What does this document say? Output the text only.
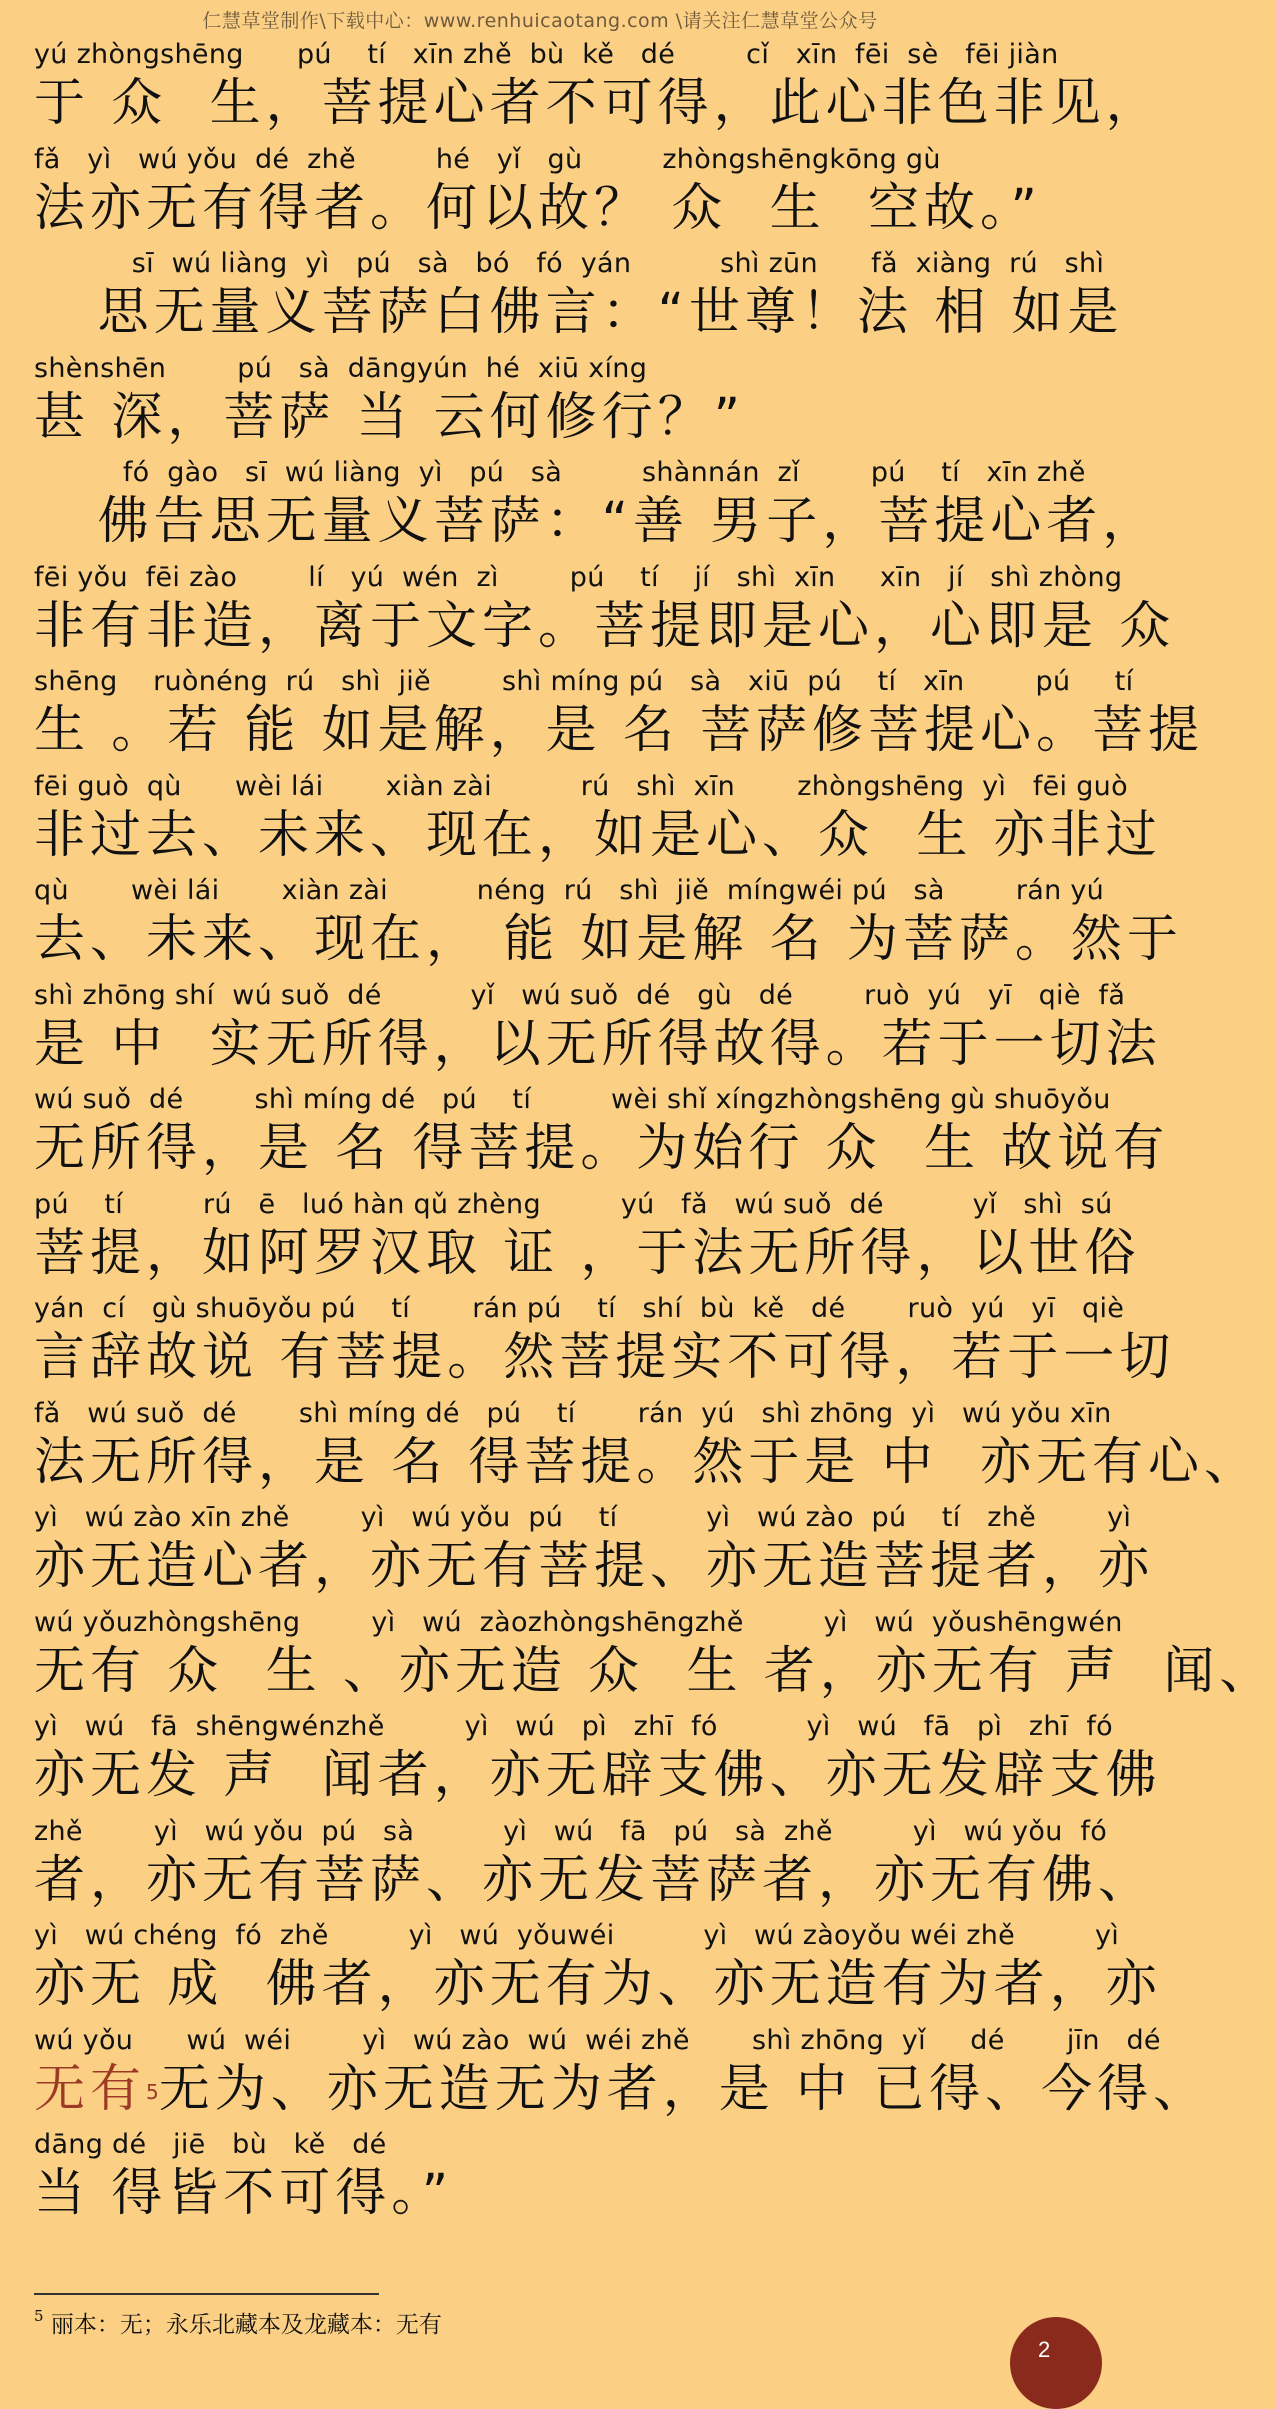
仁慧草堂制作\下载中心：www.renhuicaotang.com \请关注仁慧草堂公众号
yú zhòngshēng      pú    tí   xīn zhě  bù  kě   dé        cǐ   xīn  fēi  sè   fēi jiàn
于 众  生，菩提心者不可得，此心非色非见，
fǎ   yì   wú yǒu  dé  zhě         hé   yǐ   gù         zhòngshēngkōng gù
法亦无有得者。何以故？ 众  生  空故。”
sī  wú liàng  yì   pú   sà   bó   fó  yán          shì zūn      fǎ  xiàng  rú   shì
思无量义菩萨白佛言：“世尊！法 相 如是
shènshēn        pú   sà  dāngyún  hé  xiū xíng
甚 深，菩萨 当 云何修行？”
fó  gào   sī  wú liàng  yì   pú   sà         shànnán  zǐ        pú    tí   xīn zhě
佛告思无量义菩萨：“善 男子，菩提心者，
fēi yǒu  fēi zào        lí   yú  wén  zì        pú    tí    jí   shì  xīn     xīn   jí   shì zhòng
非有非造，离于文字。菩提即是心，心即是 众
shēng    ruònéng  rú   shì  jiě        shì míng pú   sà   xiū  pú    tí   xīn        pú     tí
生 。若 能 如是解，是 名 菩萨修菩提心。菩提
fēi guò  qù      wèi lái       xiàn zài          rú   shì  xīn       zhòngshēng  yì   fēi guò
非过去、未来、现在，如是心、众  生 亦非过
qù       wèi lái       xiàn zài          néng  rú   shì  jiě  míngwéi pú   sà        rán yú
去、未来、现在， 能 如是解 名 为菩萨。然于
shì zhōng shí  wú suǒ  dé          yǐ   wú suǒ  dé   gù   dé        ruò  yú   yī   qiè  fǎ
是 中  实无所得，以无所得故得。若于一切法
wú suǒ  dé        shì míng dé   pú    tí         wèi shǐ xíngzhòngshēng gù shuōyǒu
无所得，是 名 得菩提。为始行 众  生 故说有
pú    tí         rú   ē   luó hàn qǔ zhèng         yú   fǎ   wú suǒ  dé          yǐ   shì  sú
菩提，如阿罗汉取 证 ，于法无所得，以世俗
yán  cí   gù shuōyǒu pú    tí       rán pú    tí   shí  bù  kě   dé       ruò  yú   yī   qiè
言辞故说 有菩提。然菩提实不可得，若于一切
fǎ   wú suǒ  dé       shì míng dé   pú    tí       rán  yú   shì zhōng  yì   wú yǒu xīn
法无所得，是 名 得菩提。然于是 中  亦无有心、
yì   wú zào xīn zhě        yì   wú yǒu  pú    tí          yì   wú zào  pú    tí   zhě        yì
亦无造心者，亦无有菩提、亦无造菩提者，亦
wú yǒuzhòngshēng        yì   wú  zàozhòngshēngzhě         yì   wú  yǒushēngwén
无有 众  生 、亦无造 众  生 者，亦无有 声  闻、
yì   wú   fā  shēngwénzhě         yì   wú   pì   zhī  fó          yì   wú   fā   pì   zhī  fó
亦无发 声  闻者，亦无辟支佛、亦无发辟支佛
zhě        yì   wú yǒu  pú   sà          yì   wú   fā   pú   sà  zhě         yì   wú yǒu  fó
者，亦无有菩萨、亦无发菩萨者，亦无有佛、
yì   wú chéng  fó  zhě         yì   wú  yǒuwéi          yì   wú zàoyǒu wéi zhě         yì
亦无 成  佛者，亦无有为、亦无造有为者，亦
wú yǒu      wú  wéi        yì   wú zào  wú  wéi zhě       shì zhōng  yǐ     dé       jīn   dé
无有$^5$无为、亦无造无为者，是 中 已得、今得、
dāng dé   jiē   bù   kě   dé
当 得皆不可得。”
$^5$ 丽本：无；永乐北藏本及龙藏本：无有
2
